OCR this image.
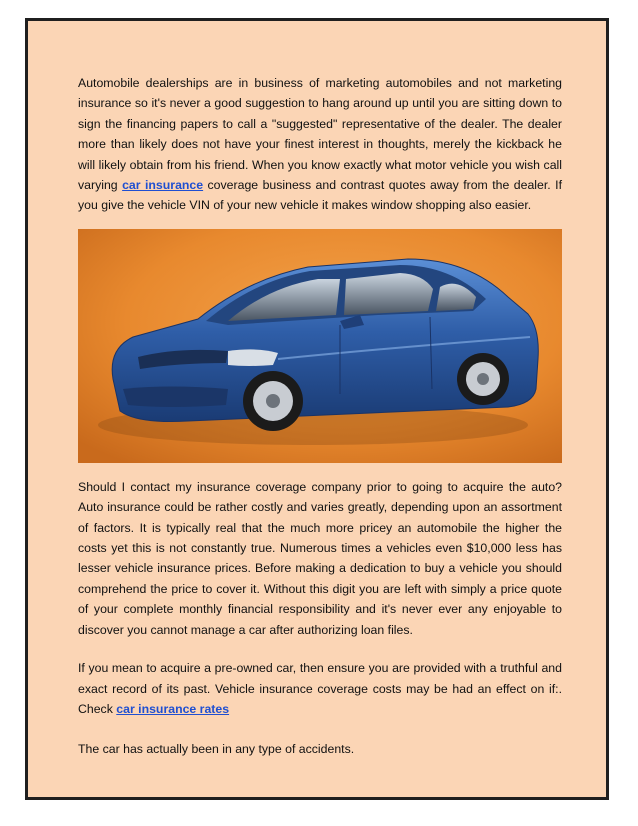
Automobile dealerships are in business of marketing automobiles and not marketing insurance so it's never a good suggestion to hang around up until you are sitting down to sign the financing papers to call a "suggested" representative of the dealer. The dealer more than likely does not have your finest interest in thoughts, merely the kickback he will likely obtain from his friend. When you know exactly what motor vehicle you wish call varying car insurance coverage business and contrast quotes away from the dealer. If you give the vehicle VIN of your new vehicle it makes window shopping also easier.

Should I contact my insurance coverage company prior to going to acquire the auto? Auto insurance could be rather costly and varies greatly, depending upon an assortment of factors. It is typically real that the much more pricey an automobile the higher the costs yet this is not constantly true. Numerous times a vehicles even $10,000 less has lesser vehicle insurance prices. Before making a dedication to buy a vehicle you should comprehend the price to cover it. Without this digit you are left with simply a price quote of your complete monthly financial responsibility and it's never ever any enjoyable to discover you cannot manage a car after authorizing loan files.

If you mean to acquire a pre-owned car, then ensure you are provided with a truthful and exact record of its past. Vehicle insurance coverage costs may be had an effect on if:. Check car insurance rates

The car has actually been in any type of accidents.
